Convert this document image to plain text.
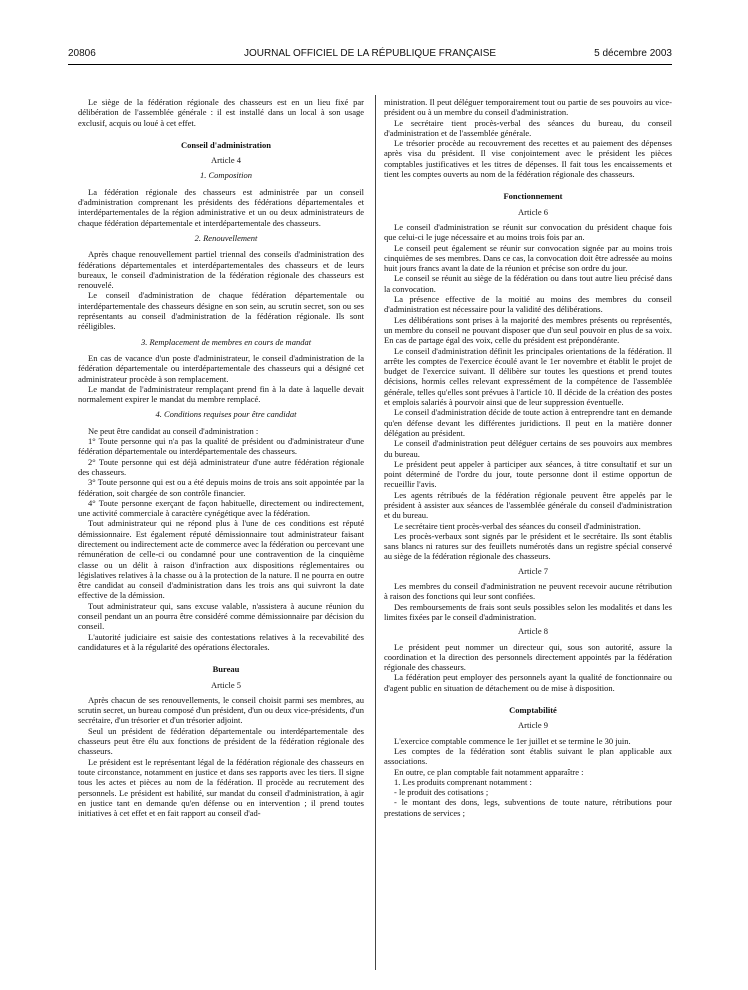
20806	JOURNAL OFFICIEL DE LA RÉPUBLIQUE FRANÇAISE	5 décembre 2003

Le siège de la fédération régionale des chasseurs est en un lieu fixé par délibération de l'assemblée générale : il est installé dans un local à son usage exclusif, acquis ou loué à cet effet.

Conseil d'administration

Article 4

1. Composition

La fédération régionale des chasseurs est administrée par un conseil d'administration comprenant les présidents des fédérations départementales et interdépartementales de la région administrative et un ou deux administrateurs de chaque fédération départementale et interdépartementale des chasseurs.

2. Renouvellement

Après chaque renouvellement partiel triennal des conseils d'administration des fédérations départementales et interdépartementales des chasseurs et de leurs bureaux, le conseil d'administration de la fédération régionale des chasseurs est renouvelé.

Le conseil d'administration de chaque fédération départementale ou interdépartementale des chasseurs désigne en son sein, au scrutin secret, son ou ses représentants au conseil d'administration de la fédération régionale. Ils sont rééligibles.

3. Remplacement de membres en cours de mandat

En cas de vacance d'un poste d'administrateur, le conseil d'administration de la fédération départementale ou interdépartementale des chasseurs qui a désigné cet administrateur procède à son remplacement.

Le mandat de l'administrateur remplaçant prend fin à la date à laquelle devait normalement expirer le mandat du membre remplacé.

4. Conditions requises pour être candidat

Ne peut être candidat au conseil d'administration :

1° Toute personne qui n'a pas la qualité de président ou d'administrateur d'une fédération départementale ou interdépartementale des chasseurs.

2° Toute personne qui est déjà administrateur d'une autre fédération régionale des chasseurs.

3° Toute personne qui est ou a été depuis moins de trois ans soit appointée par la fédération, soit chargée de son contrôle financier.

4° Toute personne exerçant de façon habituelle, directement ou indirectement, une activité commerciale à caractère cynégétique avec la fédération.

Tout administrateur qui ne répond plus à l'une de ces conditions est réputé démissionnaire. Est également réputé démissionnaire tout administrateur faisant directement ou indirectement acte de commerce avec la fédération ou percevant une rémunération de celle-ci ou condamné pour une contravention de la cinquième classe ou un délit à raison d'infraction aux dispositions réglementaires ou législatives relatives à la chasse ou à la protection de la nature. Il ne pourra en outre être candidat au conseil d'administration dans les trois ans qui suivront la date effective de la démission.

Tout administrateur qui, sans excuse valable, n'assistera à aucune réunion du conseil pendant un an pourra être considéré comme démissionnaire par décision du conseil.

L'autorité judiciaire est saisie des contestations relatives à la recevabilité des candidatures et à la régularité des opérations électorales.

Bureau

Article 5

Après chacun de ses renouvellements, le conseil choisit parmi ses membres, au scrutin secret, un bureau composé d'un président, d'un ou deux vice-présidents, d'un secrétaire, d'un trésorier et d'un trésorier adjoint.

Seul un président de fédération départementale ou interdépartementale des chasseurs peut être élu aux fonctions de président de la fédération régionale des chasseurs.

Le président est le représentant légal de la fédération régionale des chasseurs en toute circonstance, notamment en justice et dans ses rapports avec les tiers. Il signe tous les actes et pièces au nom de la fédération. Il procède au recrutement des personnels. Le président est habilité, sur mandat du conseil d'administration, à agir en justice tant en demande qu'en défense ou en intervention ; il prend toutes initiatives à cet effet et en fait rapport au conseil d'ad-

ministration. Il peut déléguer temporairement tout ou partie de ses pouvoirs au vice-président ou à un membre du conseil d'administration.

Le secrétaire tient procès-verbal des séances du bureau, du conseil d'administration et de l'assemblée générale.

Le trésorier procède au recouvrement des recettes et au paiement des dépenses après visa du président. Il vise conjointement avec le président les pièces comptables justificatives et les titres de dépenses. Il fait tous les encaissements et tient les comptes ouverts au nom de la fédération régionale des chasseurs.

Fonctionnement

Article 6

Le conseil d'administration se réunit sur convocation du président chaque fois que celui-ci le juge nécessaire et au moins trois fois par an.

Le conseil peut également se réunir sur convocation signée par au moins trois cinquièmes de ses membres. Dans ce cas, la convocation doit être adressée au moins huit jours francs avant la date de la réunion et précise son ordre du jour.

Le conseil se réunit au siège de la fédération ou dans tout autre lieu précisé dans la convocation.

La présence effective de la moitié au moins des membres du conseil d'administration est nécessaire pour la validité des délibérations.

Les délibérations sont prises à la majorité des membres présents ou représentés, un membre du conseil ne pouvant disposer que d'un seul pouvoir en plus de sa voix. En cas de partage égal des voix, celle du président est prépondérante.

Le conseil d'administration définit les principales orientations de la fédération. Il arrête les comptes de l'exercice écoulé avant le 1er novembre et établit le projet de budget de l'exercice suivant. Il délibère sur toutes les questions et prend toutes décisions, hormis celles relevant expressément de la compétence de l'assemblée générale, telles qu'elles sont prévues à l'article 10. Il décide de la création des postes et emplois salariés à pourvoir ainsi que de leur suppression éventuelle.

Le conseil d'administration décide de toute action à entreprendre tant en demande qu'en défense devant les différentes juridictions. Il peut en la matière donner délégation au président.

Le conseil d'administration peut déléguer certains de ses pouvoirs aux membres du bureau.

Le président peut appeler à participer aux séances, à titre consultatif et sur un point déterminé de l'ordre du jour, toute personne dont il estime opportun de recueillir l'avis.

Les agents rétribués de la fédération régionale peuvent être appelés par le président à assister aux séances de l'assemblée générale du conseil d'administration et du bureau.

Le secrétaire tient procès-verbal des séances du conseil d'administration.

Les procès-verbaux sont signés par le président et le secrétaire. Ils sont établis sans blancs ni ratures sur des feuillets numérotés dans un registre spécial conservé au siège de la fédération régionale des chasseurs.

Article 7

Les membres du conseil d'administration ne peuvent recevoir aucune rétribution à raison des fonctions qui leur sont confiées.

Des remboursements de frais sont seuls possibles selon les modalités et dans les limites fixées par le conseil d'administration.

Article 8

Le président peut nommer un directeur qui, sous son autorité, assure la coordination et la direction des personnels directement appointés par la fédération régionale des chasseurs.

La fédération peut employer des personnels ayant la qualité de fonctionnaire ou d'agent public en situation de détachement ou de mise à disposition.

Comptabilité

Article 9

L'exercice comptable commence le 1er juillet et se termine le 30 juin.

Les comptes de la fédération sont établis suivant le plan applicable aux associations.

En outre, ce plan comptable fait notamment apparaître :

1. Les produits comprenant notamment :

- le produit des cotisations ;

- le montant des dons, legs, subventions de toute nature, rétributions pour prestations de services ;
